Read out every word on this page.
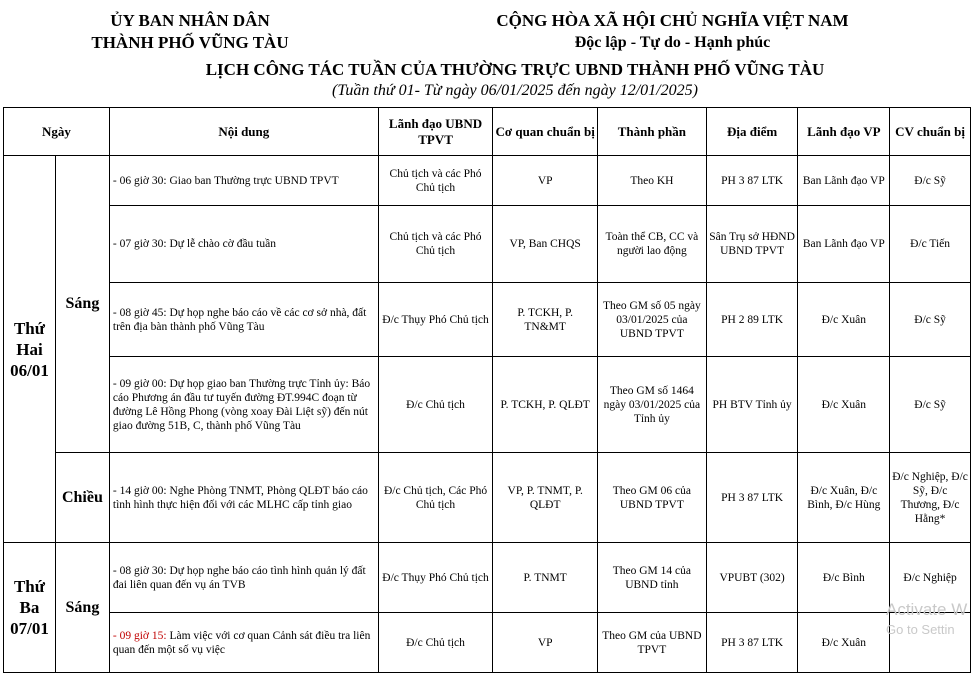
ỦY BAN NHÂN DÂN
THÀNH PHỐ VŨNG TÀU
CỘNG HÒA XÃ HỘI CHỦ NGHĨA VIỆT NAM
Độc lập - Tự do - Hạnh phúc
LỊCH CÔNG TÁC TUẦN CỦA THƯỜNG TRỰC UBND THÀNH PHỐ VŨNG TÀU
(Tuần thứ 01- Từ ngày 06/01/2025 đến ngày 12/01/2025)
Ngày		Nội dung	Lãnh đạo UBND TPVT	Cơ quan chuẩn bị	Thành phần	Địa điểm	Lãnh đạo VP	CV chuẩn bị
Thứ Hai 06/01	Sáng	- 06 giờ 30: Giao ban Thường trực UBND TPVT	Chủ tịch và các Phó Chủ tịch	VP	Theo KH	PH 3 87 LTK	Ban Lãnh đạo VP	Đ/c Sỹ
		- 07 giờ 30: Dự lễ chào cờ đầu tuần	Chủ tịch và các Phó Chủ tịch	VP, Ban CHQS	Toàn thể CB, CC và người lao động	Sân Trụ sở HĐND UBND TPVT	Ban Lãnh đạo VP	Đ/c Tiến
		- 08 giờ 45: Dự họp nghe báo cáo về các cơ sở nhà, đất trên địa bàn thành phố Vũng Tàu	Đ/c Thụy Phó Chủ tịch	P. TCKH, P. TN&MT	Theo GM số 05 ngày 03/01/2025 của UBND TPVT	PH 2 89 LTK	Đ/c Xuân	Đ/c Sỹ
		- 09 giờ 00: Dự họp giao ban Thường trực Tỉnh ủy: Báo cáo Phương án đầu tư tuyến đường ĐT.994C đoạn từ đường Lê Hồng Phong (vòng xoay Đài Liệt sỹ) đến nút giao đường 51B, C, thành phố Vũng Tàu	Đ/c Chủ tịch	P. TCKH, P. QLĐT	Theo GM số 1464 ngày 03/01/2025 của Tỉnh ủy	PH BTV Tỉnh ủy	Đ/c Xuân	Đ/c Sỹ
	Chiều	- 14 giờ 00: Nghe Phòng TNMT, Phòng QLĐT báo cáo tình hình thực hiện đối với các MLHC cấp tỉnh giao	Đ/c Chủ tịch, Các Phó Chủ tịch	VP, P. TNMT, P. QLĐT	Theo GM 06 của UBND TPVT	PH 3 87 LTK	Đ/c Xuân, Đ/c Bình, Đ/c Hùng	Đ/c Nghiệp, Đ/c Sỹ, Đ/c Thương, Đ/c Hằng*
Thứ Ba 07/01	Sáng	- 08 giờ 30: Dự họp nghe báo cáo tình hình quản lý đất đai liên quan đến vụ án TVB	Đ/c Thụy Phó Chủ tịch	P. TNMT	Theo GM 14 của UBND tỉnh	VPUBT (302)	Đ/c Bình	Đ/c Nghiệp
		- 09 giờ 15: Làm việc với cơ quan Cảnh sát điều tra liên quan đến một số vụ việc	Đ/c Chủ tịch	VP	Theo GM của UBND TPVT	PH 3 87 LTK	Đ/c Xuân	
Activate W
Go to Settin
